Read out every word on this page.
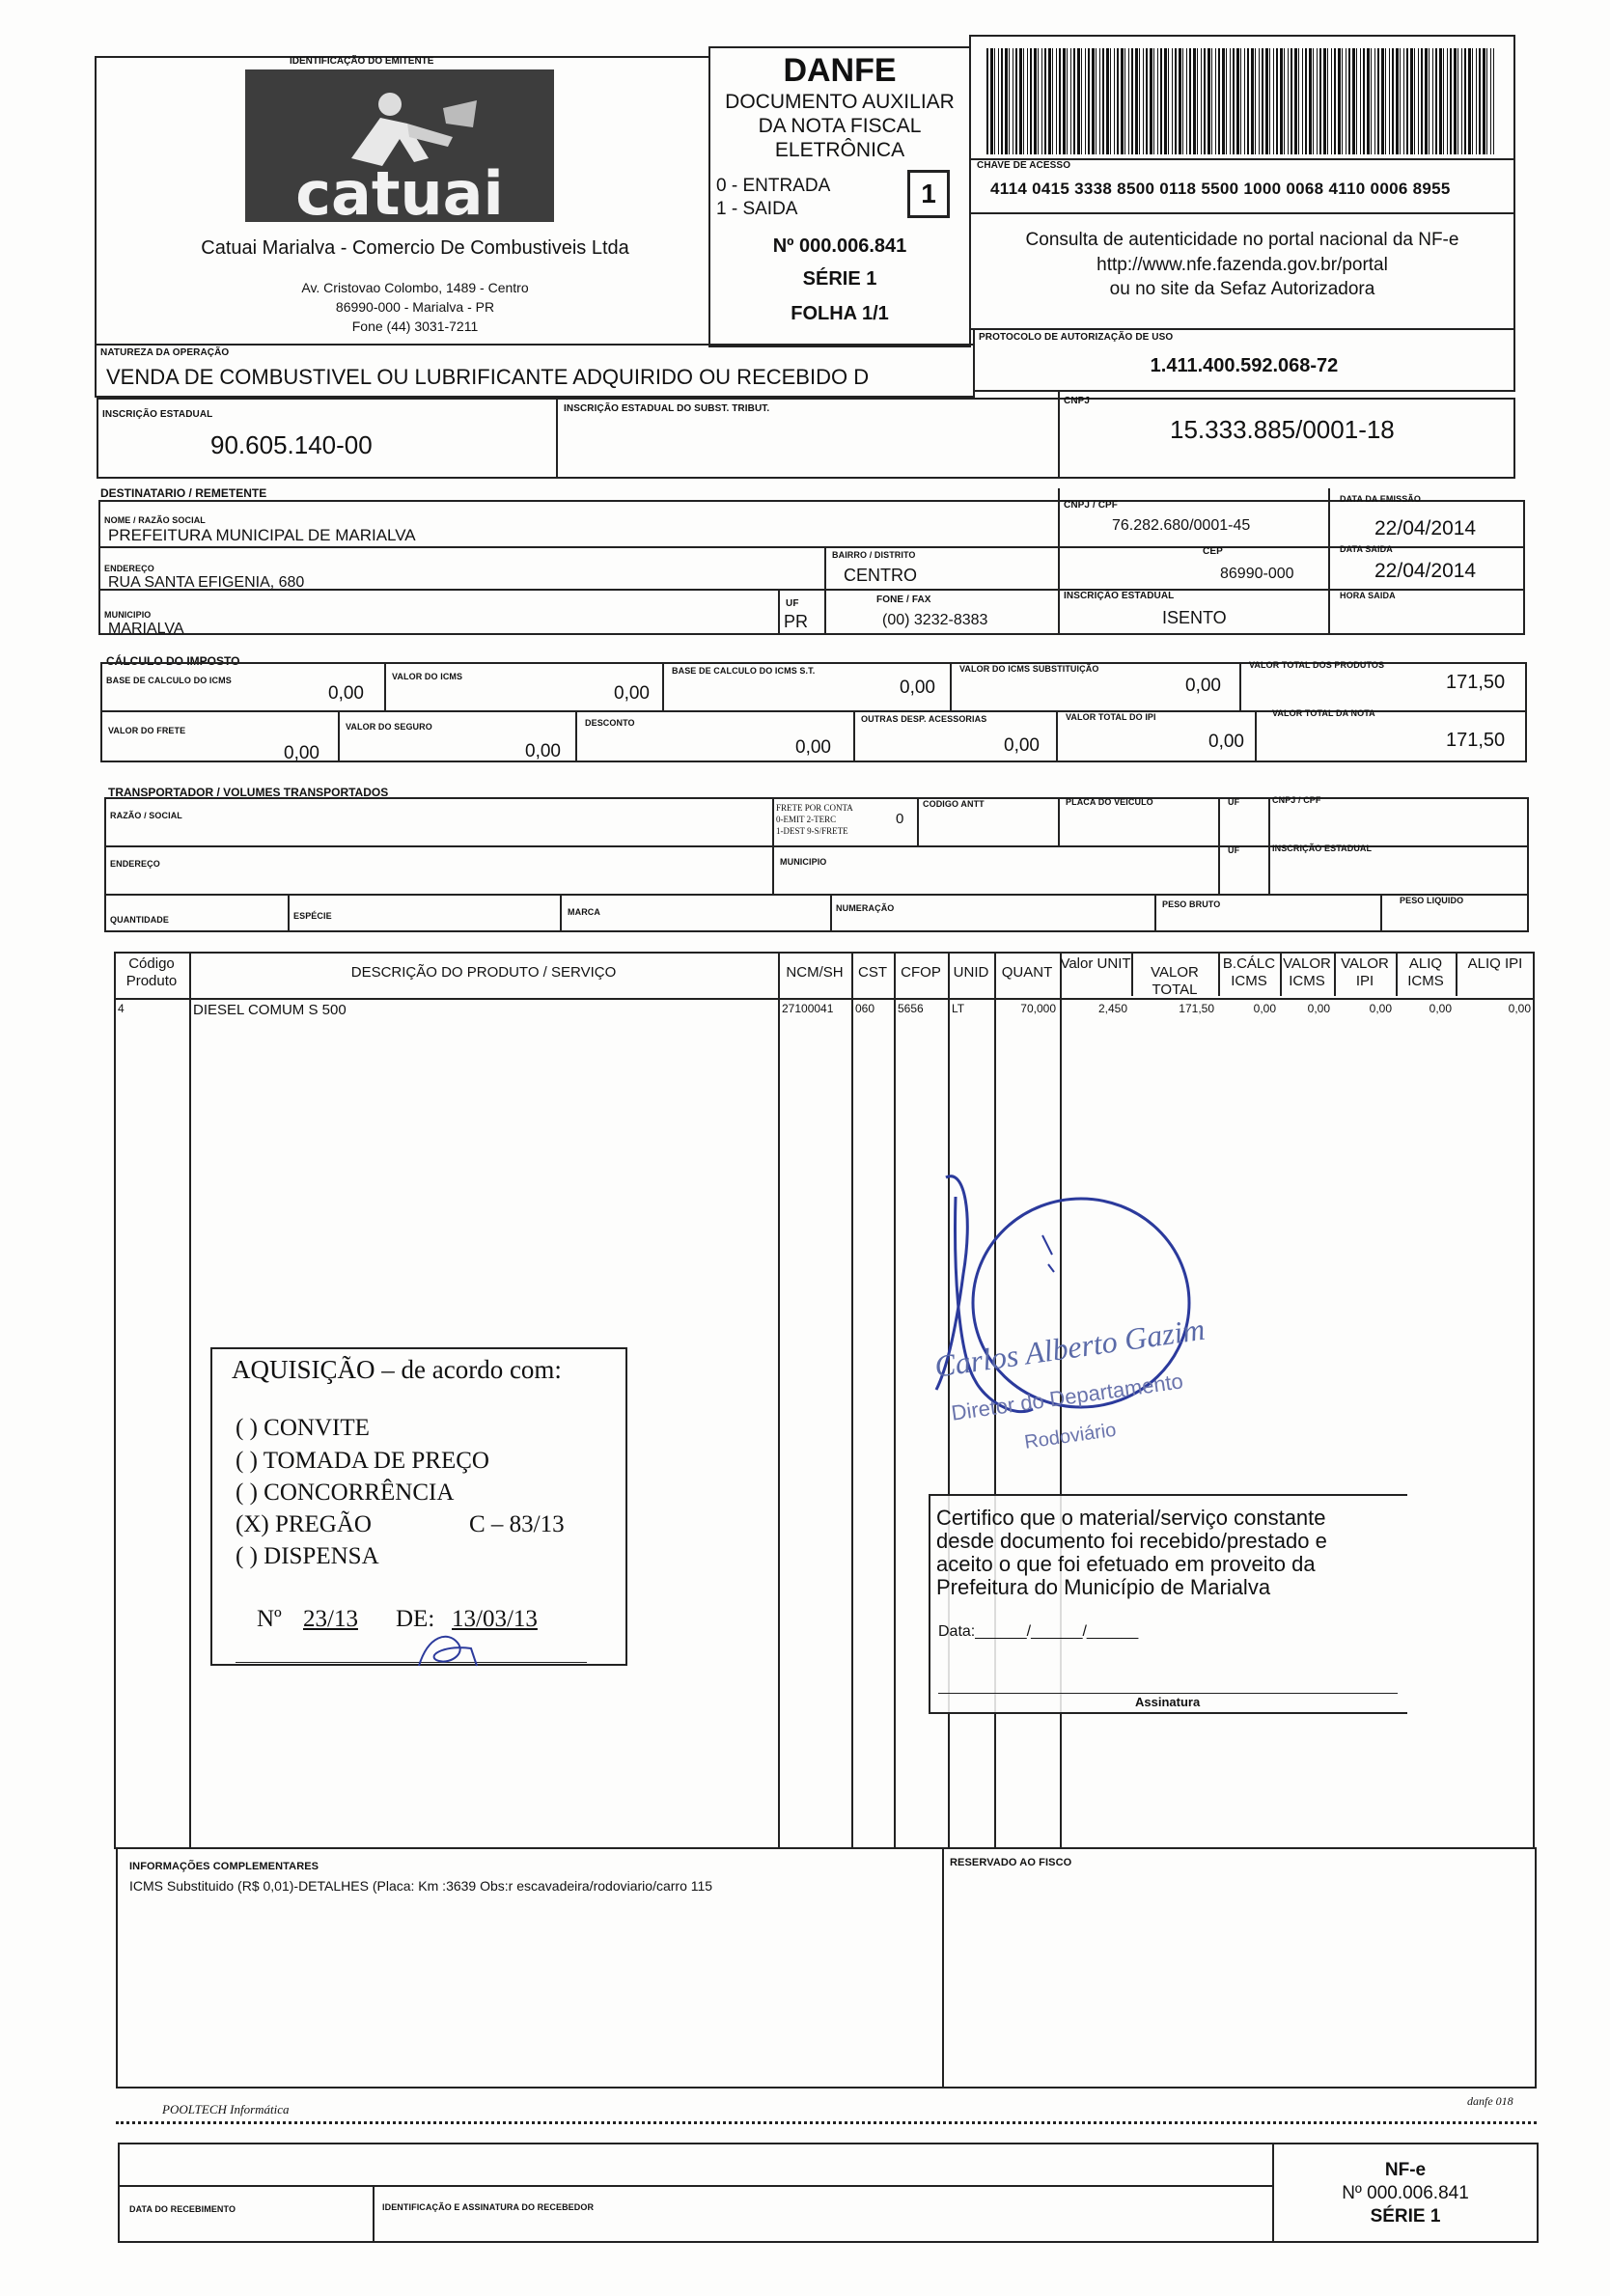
IDENTIFICAÇÃO DO EMITENTE
catuai
Catuai Marialva - Comercio De Combustiveis Ltda
Av. Cristovao Colombo, 1489 - Centro
86990-000 - Marialva - PR
Fone (44) 3031-7211
DANFE
DOCUMENTO AUXILIAR
DA NOTA FISCAL
ELETRÔNICA
0 - ENTRADA
1 - SAIDA
1
Nº 000.006.841
SÉRIE 1
FOLHA 1/1
CHAVE DE ACESSO
4114 0415 3338 8500 0118 5500 1000 0068 4110 0006 8955
Consulta de autenticidade no portal nacional da NF-e
http://www.nfe.fazenda.gov.br/portal
ou no site da Sefaz Autorizadora
NATUREZA DA OPERAÇÃO
VENDA DE COMBUSTIVEL OU LUBRIFICANTE ADQUIRIDO OU RECEBIDO D
PROTOCOLO DE AUTORIZAÇÃO DE USO
1.411.400.592.068-72
INSCRIÇÃO ESTADUAL
90.605.140-00
INSCRIÇÃO ESTADUAL DO SUBST. TRIBUT.
CNPJ
15.333.885/0001-18
DESTINATARIO / REMETENTE
NOME / RAZÃO SOCIAL
PREFEITURA MUNICIPAL DE MARIALVA
CNPJ / CPF
76.282.680/0001-45
DATA DA EMISSÃO
22/04/2014
ENDEREÇO
RUA SANTA EFIGENIA, 680
BAIRRO / DISTRITO
CENTRO
CEP
86990-000
DATA SAIDA
22/04/2014
MUNICIPIO
MARIALVA
UF
PR
FONE / FAX
(00) 3232-8383
INSCRIÇÃO ESTADUAL
ISENTO
HORA SAIDA
CÁLCULO DO IMPOSTO
BASE DE CALCULO DO ICMS
0,00
VALOR DO ICMS
0,00
BASE DE CALCULO DO ICMS S.T.
0,00
VALOR DO ICMS SUBSTITUIÇÃO
0,00
VALOR TOTAL DOS PRODUTOS
171,50
VALOR DO FRETE
0,00
VALOR DO SEGURO
0,00
DESCONTO
0,00
OUTRAS DESP. ACESSORIAS
0,00
VALOR TOTAL DO IPI
0,00
VALOR TOTAL DA NOTA
171,50
TRANSPORTADOR / VOLUMES TRANSPORTADOS
RAZÃO / SOCIAL
FRETE POR CONTA
0-EMIT 2-TERC
1-DEST 9-S/FRETE
0
CODIGO ANTT	PLACA DO VEICULO	UF	CNPJ / CPF
ENDEREÇO	MUNICIPIO
UF	INSCRIÇÃO ESTADUAL
QUANTIDADE	ESPÉCIE	MARCA	NUMERAÇÃO	PESO BRUTO	PESO LIQUIDO
Código Produto
DESCRIÇÃO DO PRODUTO / SERVIÇO	NCM/SH	CST CFOP UNID QUANT
Valor UNIT
VALOR TOTAL
B.CÁLC ICMS
VALOR ICMS
VALOR IPI
ALIQ ICMS
ALIQ IPI
4	DIESEL COMUM S 500	27100041 060 5656 LT	70,000	2,450	171,50	0,00	0,00	0,00	0,00	0,00
AQUISIÇÃO – de acordo com:
( ) CONVITE
( ) TOMADA DE PREÇO
( ) CONCORRÊNCIA
(X) PREGÃO	C – 83/13
( ) DISPENSA
Nº 23/13 DE: 13/03/13
Carlos Alberto Gazim
Diretor do Departamento
Rodoviário
Certifico que o material/serviço constante
desde documento foi recebido/prestado e
aceito o que foi efetuado em proveito da
Prefeitura do Município de Marialva
Data:______/______/______
Assinatura
INFORMAÇÕES COMPLEMENTARES
ICMS Substituido (R$ 0,01)-DETALHES (Placa: Km :3639 Obs:r escavadeira/rodoviario/carro 115
RESERVADO AO FISCO
POOLTECH Informática
danfe 018
DATA DO RECEBIMENTO	IDENTIFICAÇÃO E ASSINATURA DO RECEBEDOR
NF-e
Nº 000.006.841
SÉRIE 1
